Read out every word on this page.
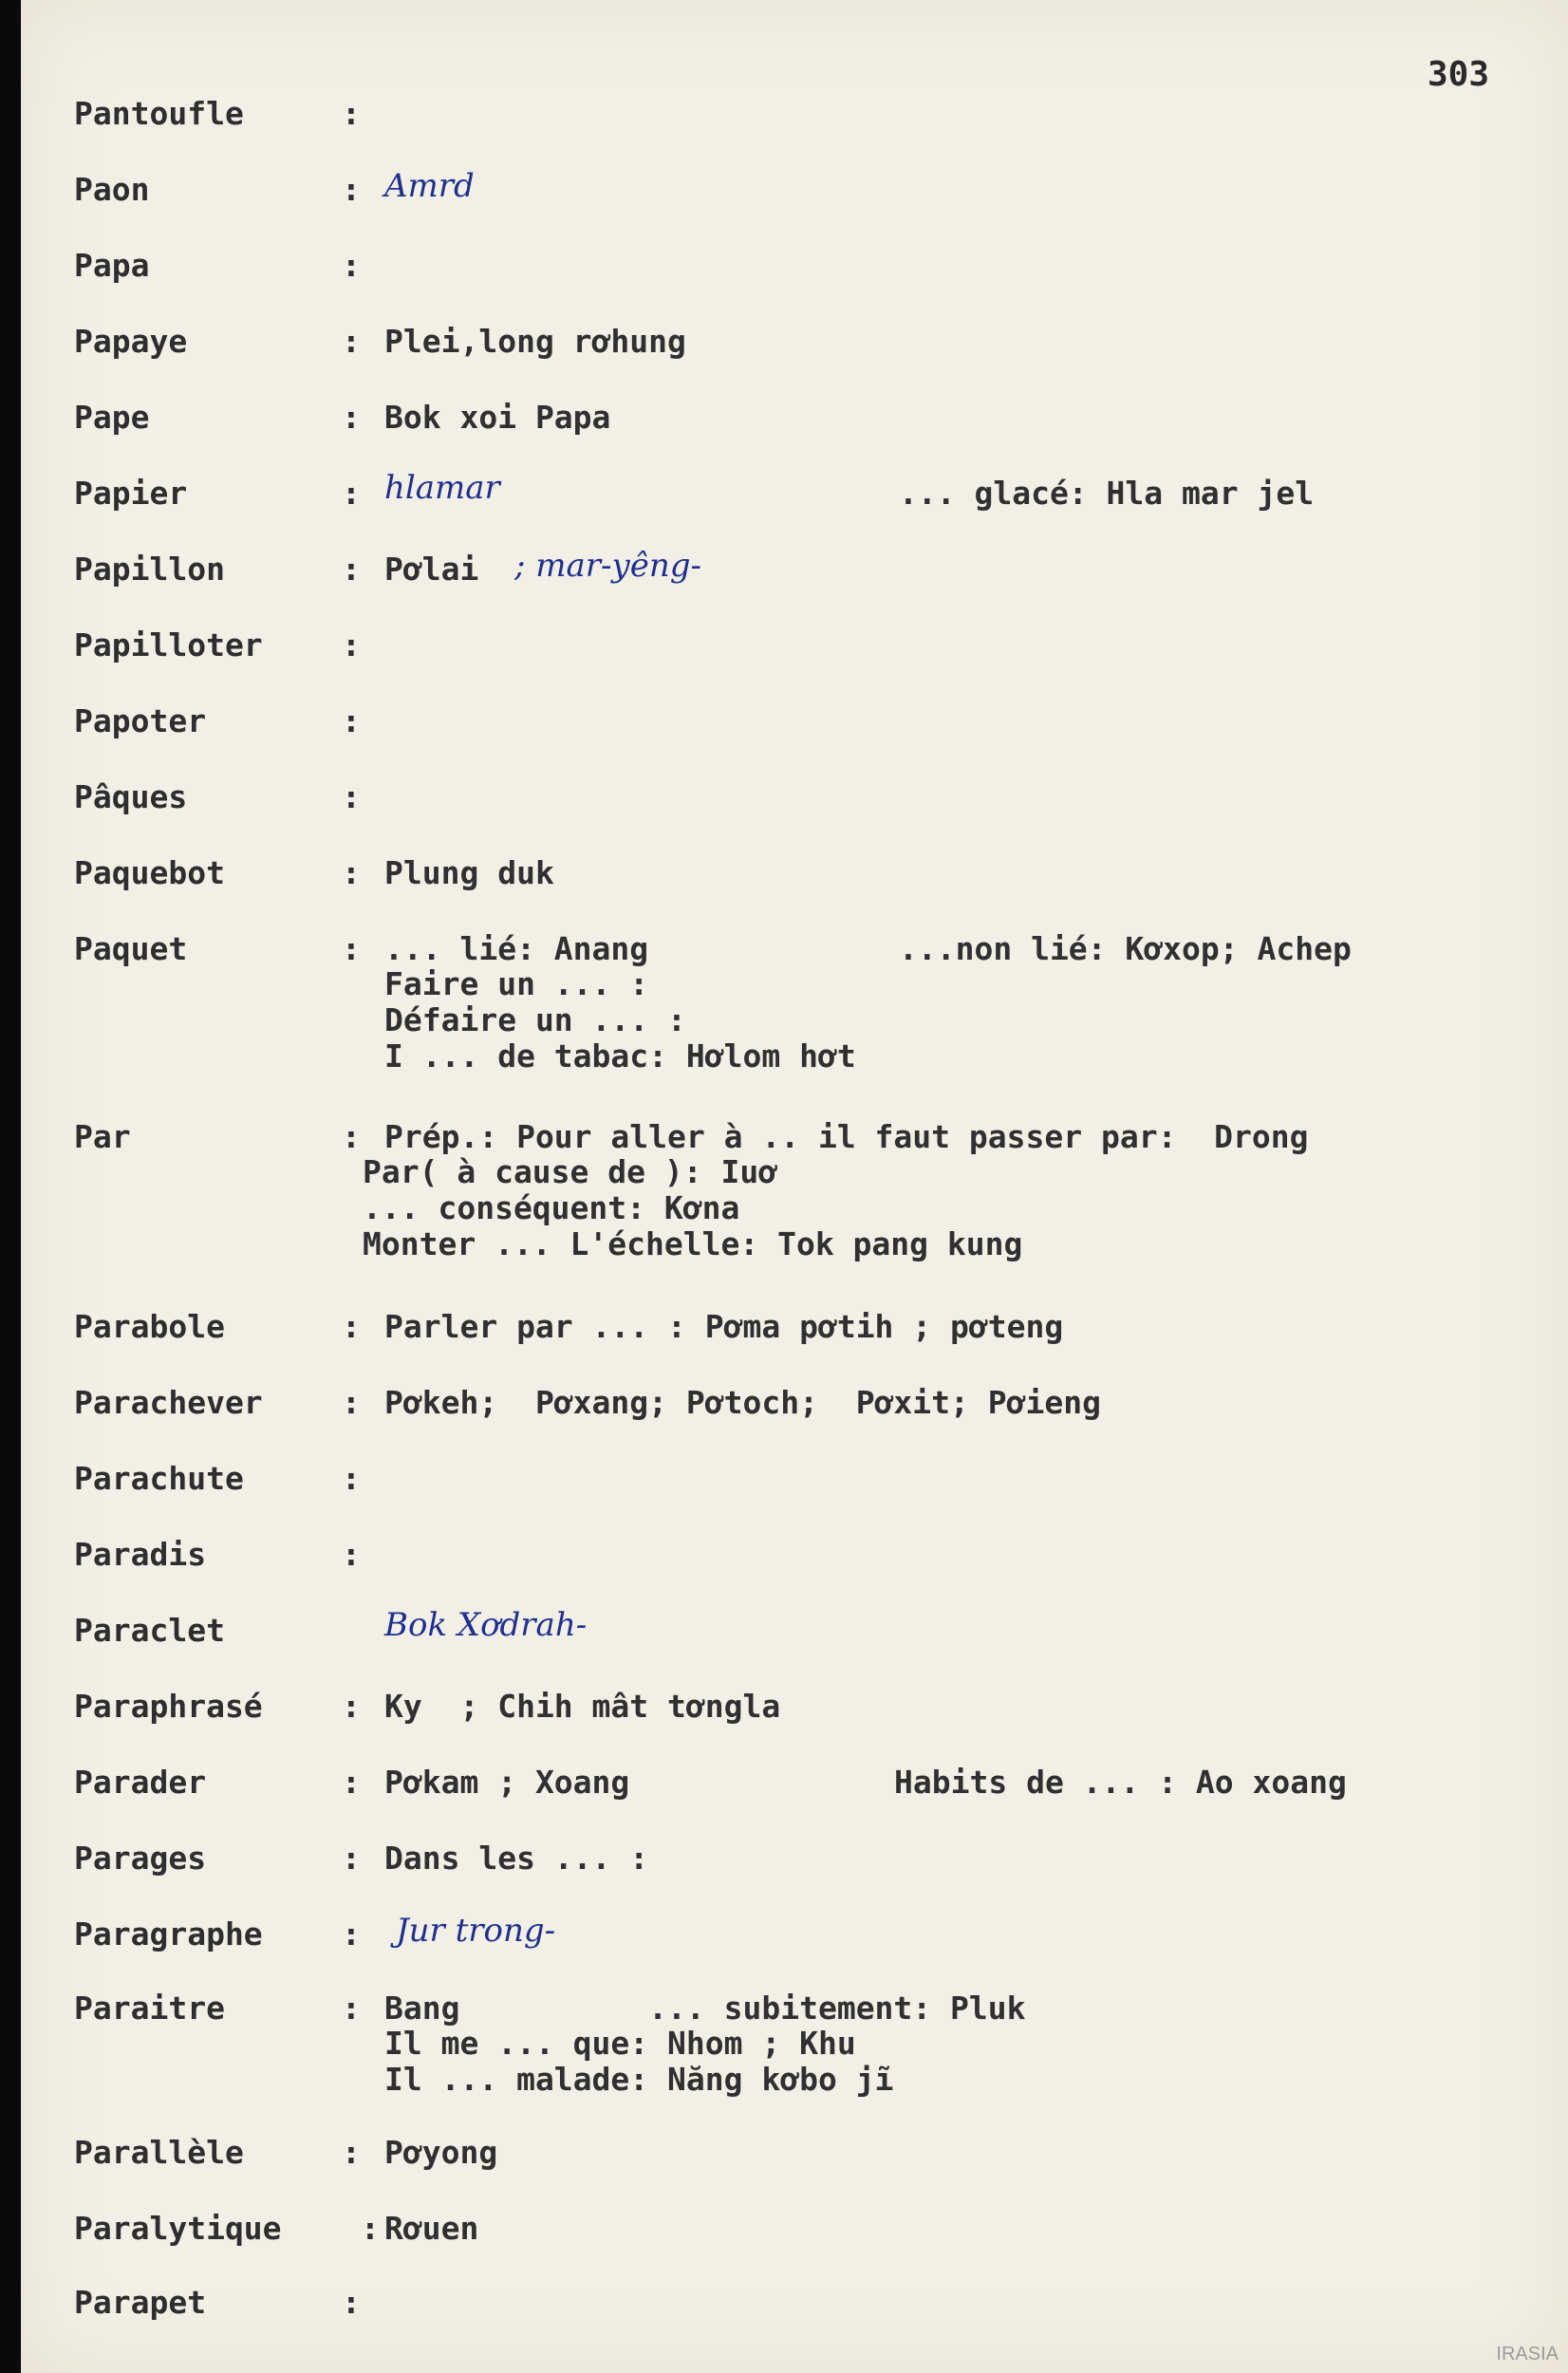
303
Pantoufle	:
Paon	: Amrd
Papa	:
Papaye	: Plei,long rơhung
Pape	: Bok xoi Papa
Papier	: hlamar	... glacé: Hla mar jel
Papillon	: Pơlai ; mar-yêng-
Papilloter	:
Papoter	:
Pâques	:
Paquebot	: Plung duk
Paquet	: ... lié: Anang	...non lié: Kơxop; Achep
Faire un ... :
Défaire un ... :
I ... de tabac: Hơlom hơt
Par	: Prép.: Pour aller à .. il faut passer par:  Drong
Par( à cause de ): Iuơ
... conséquent: Kơna
Monter ... L'échelle: Tok pang kung
Parabole	: Parler par ... : Pơma pơtih ; pơteng
Parachever	: Pơkeh;  Pơxang; Pơtoch;  Pơxit; Pơieng
Parachute	:
Paradis	:
Paraclet	Bok Xơdrah-
Paraphrasé	: Ky  ; Chih mât tơngla
Parader	: Pơkam ; Xoang	Habits de ... : Ao xoang
Parages	: Dans les ... :
Paragraphe	: Jur trong-
Paraitre	: Bang          ... subitement: Pluk
Il me ... que: Nhom ; Khu
Il ... malade: Năng kơbo jĩ
Parallèle	: Pơyong
Paralytique	: Rơuen
Parapet	:
IRASIA
